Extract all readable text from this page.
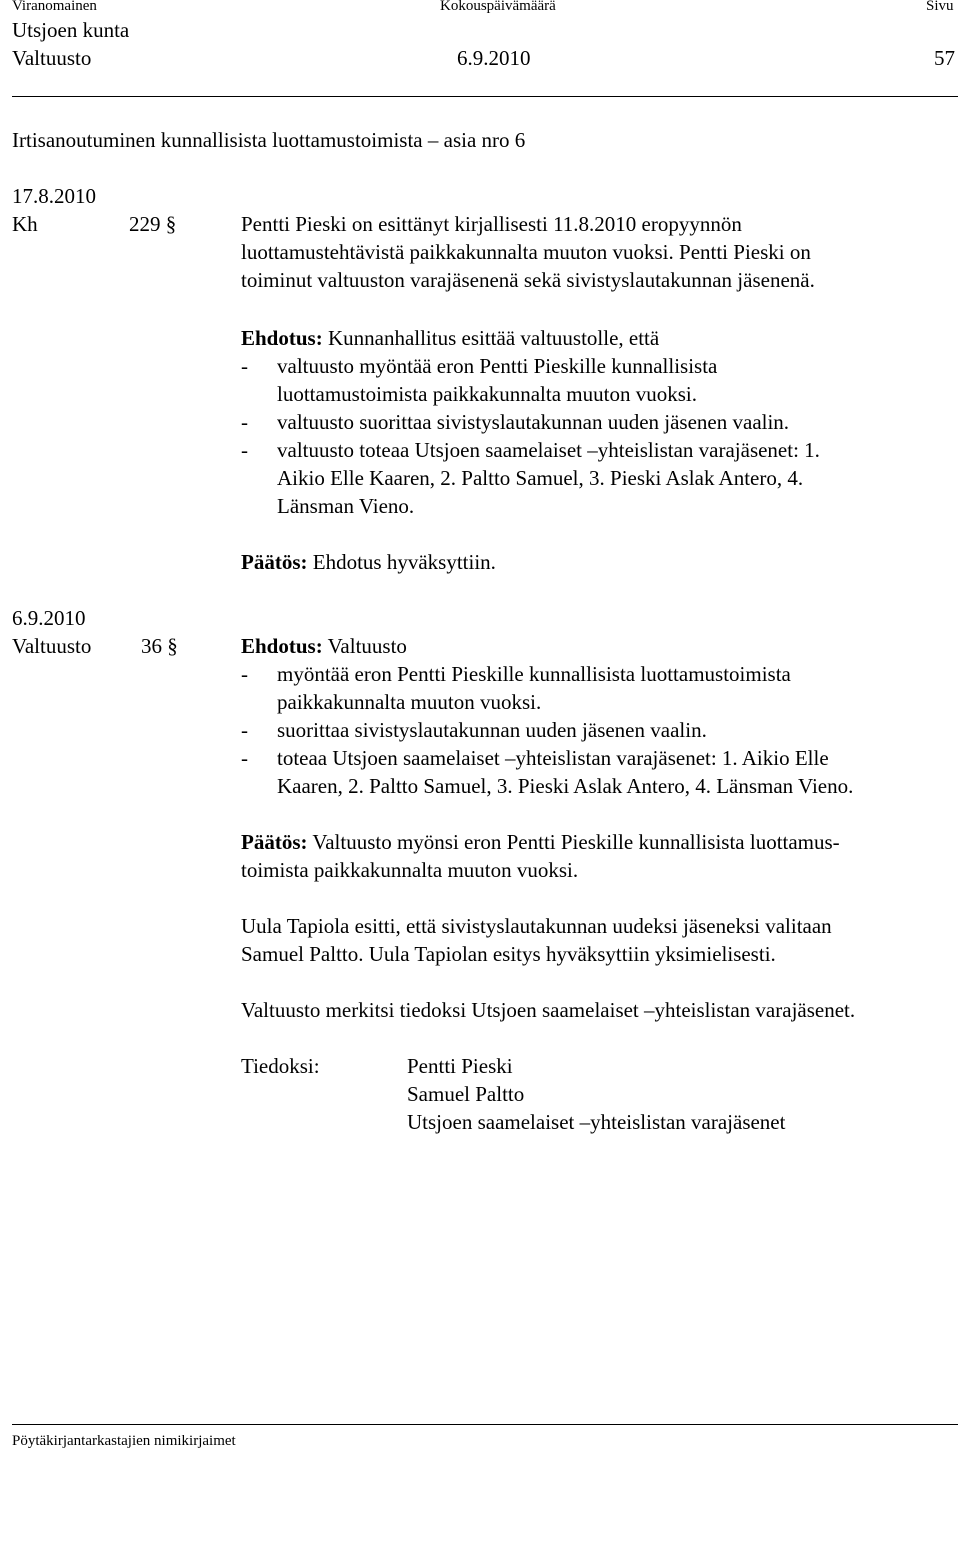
Viranomainen	Kokouspäivämäärä	Sivu
Utsjoen kunta
Valtuusto	6.9.2010	57
Irtisanoutuminen kunnallisista luottamustoimista – asia nro 6
17.8.2010
Kh	229 §	Pentti Pieski on esittänyt kirjallisesti 11.8.2010 eropyynnön
luottamustehtävistä paikkakunnalta muuton vuoksi. Pentti Pieski on
toiminut valtuuston varajäsenenä sekä sivistyslautakunnan jäsenenä.
Ehdotus: Kunnanhallitus esittää valtuustolle, että
- valtuusto myöntää eron Pentti Pieskille kunnallisista
luottamustoimista paikkakunnalta muuton vuoksi.
- valtuusto suorittaa sivistyslautakunnan uuden jäsenen vaalin.
- valtuusto toteaa Utsjoen saamelaiset –yhteislistan varajäsenet: 1.
Aikio Elle Kaaren, 2. Paltto Samuel, 3. Pieski Aslak Antero, 4.
Länsman Vieno.
Päätös: Ehdotus hyväksyttiin.
6.9.2010
Valtuusto 36 §	Ehdotus: Valtuusto
- myöntää eron Pentti Pieskille kunnallisista luottamustoimista
paikkakunnalta muuton vuoksi.
- suorittaa sivistyslautakunnan uuden jäsenen vaalin.
- toteaa Utsjoen saamelaiset –yhteislistan varajäsenet: 1. Aikio Elle
Kaaren, 2. Paltto Samuel, 3. Pieski Aslak Antero, 4. Länsman Vieno.
Päätös: Valtuusto myönsi eron Pentti Pieskille kunnallisista luottamus-
toimista paikkakunnalta muuton vuoksi.
Uula Tapiola esitti, että sivistyslautakunnan uudeksi jäseneksi valitaan
Samuel Paltto. Uula Tapiolan esitys hyväksyttiin yksimielisesti.
Valtuusto merkitsi tiedoksi Utsjoen saamelaiset –yhteislistan varajäsenet.
Tiedoksi:	Pentti Pieski
Samuel Paltto
Utsjoen saamelaiset –yhteislistan varajäsenet
Pöytäkirjantarkastajien nimikirjaimet
